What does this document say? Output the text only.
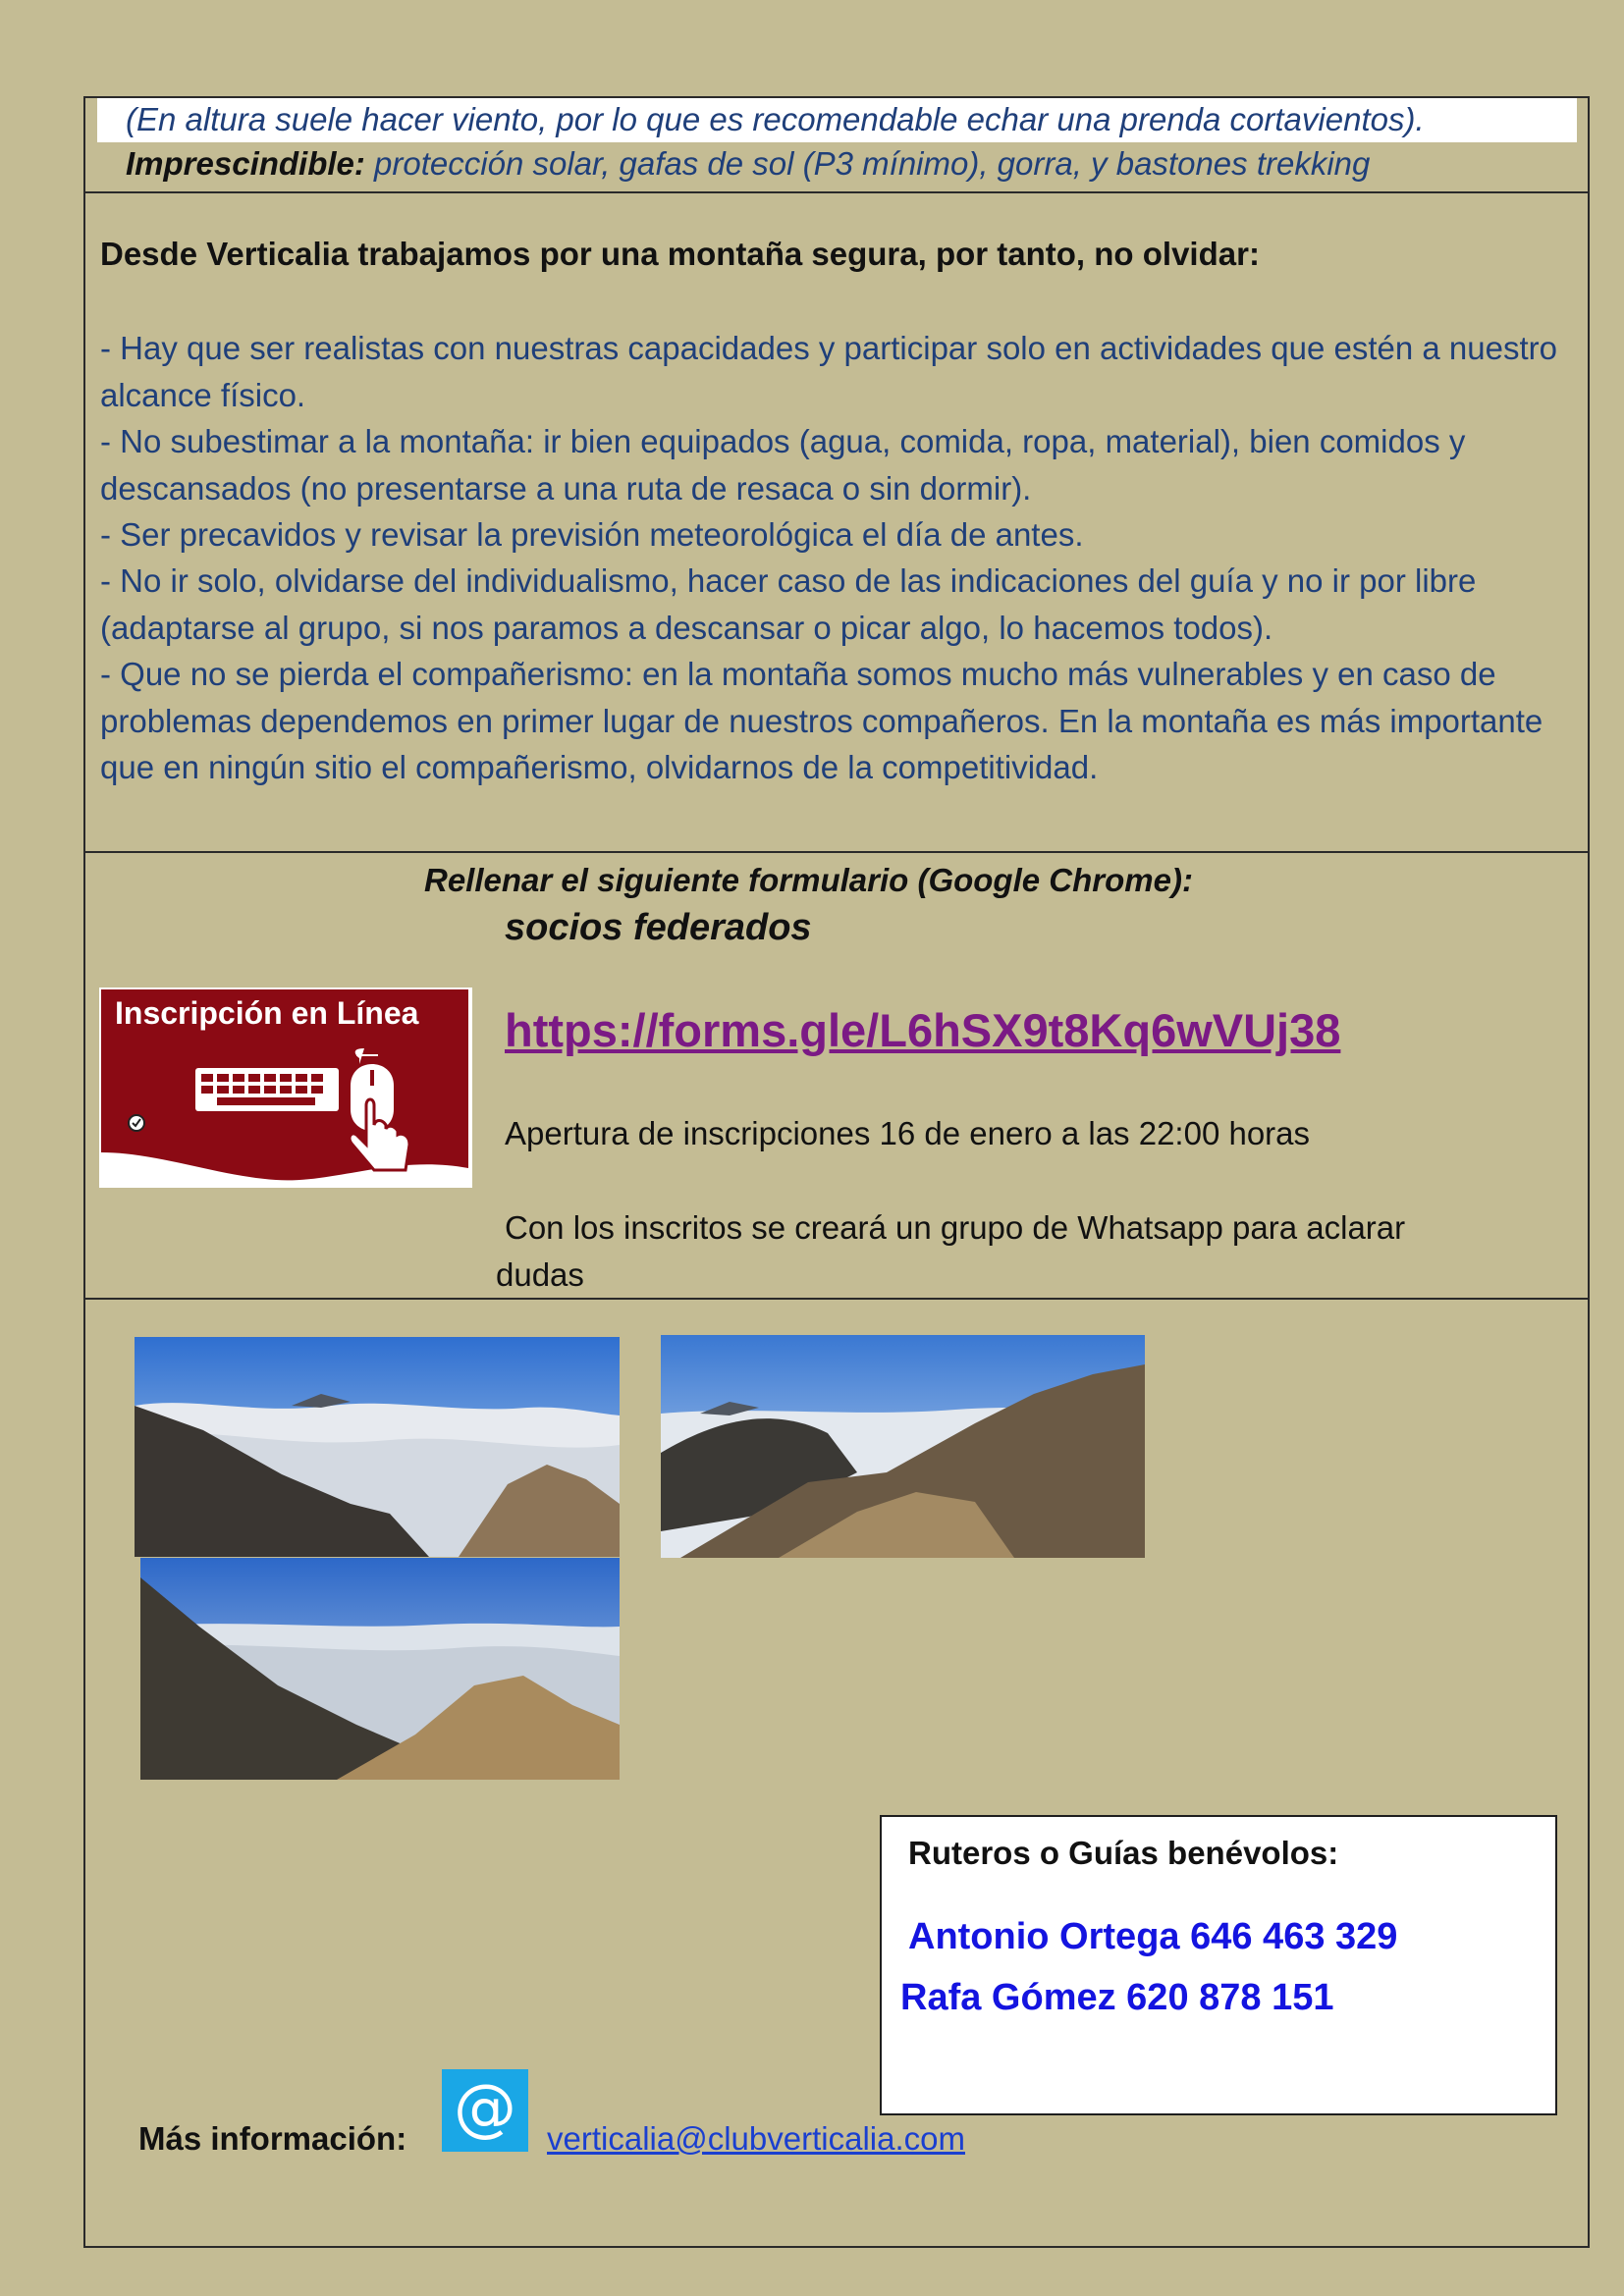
(En altura suele hacer viento, por lo que es recomendable echar una prenda cortavientos).
Imprescindible: protección solar, gafas de sol (P3 mínimo), gorra, y bastones trekking
Desde Verticalia trabajamos por una montaña segura, por tanto, no olvidar:
- Hay que ser realistas con nuestras capacidades y participar solo en actividades que estén a nuestro alcance físico.
- No subestimar a la montaña: ir bien equipados (agua, comida, ropa, material), bien comidos y descansados (no presentarse a una ruta de resaca o sin dormir).
- Ser precavidos y revisar la previsión meteorológica el día de antes.
- No ir solo, olvidarse del individualismo, hacer caso de las indicaciones del guía y no ir por libre (adaptarse al grupo, si nos paramos a descansar o picar algo, lo hacemos todos).
- Que no se pierda el compañerismo: en la montaña somos mucho más vulnerables y en caso de problemas dependemos en primer lugar de nuestros compañeros. En la montaña es más importante que en ningún sitio el compañerismo, olvidarnos de la competitividad.
Rellenar el siguiente formulario (Google Chrome):
socios federados
Inscripción en Línea https://forms.gle/L6hSX9t8Kq6wVUj38
Apertura de inscripciones 16 de enero a las 22:00 horas
Con los inscritos se creará un grupo de Whatsapp para aclarar
dudas
Ruteros o Guías benévolos:
Antonio Ortega 646 463 329
Rafa Gómez 620 878 151
Más información: @ verticalia@clubverticalia.com
